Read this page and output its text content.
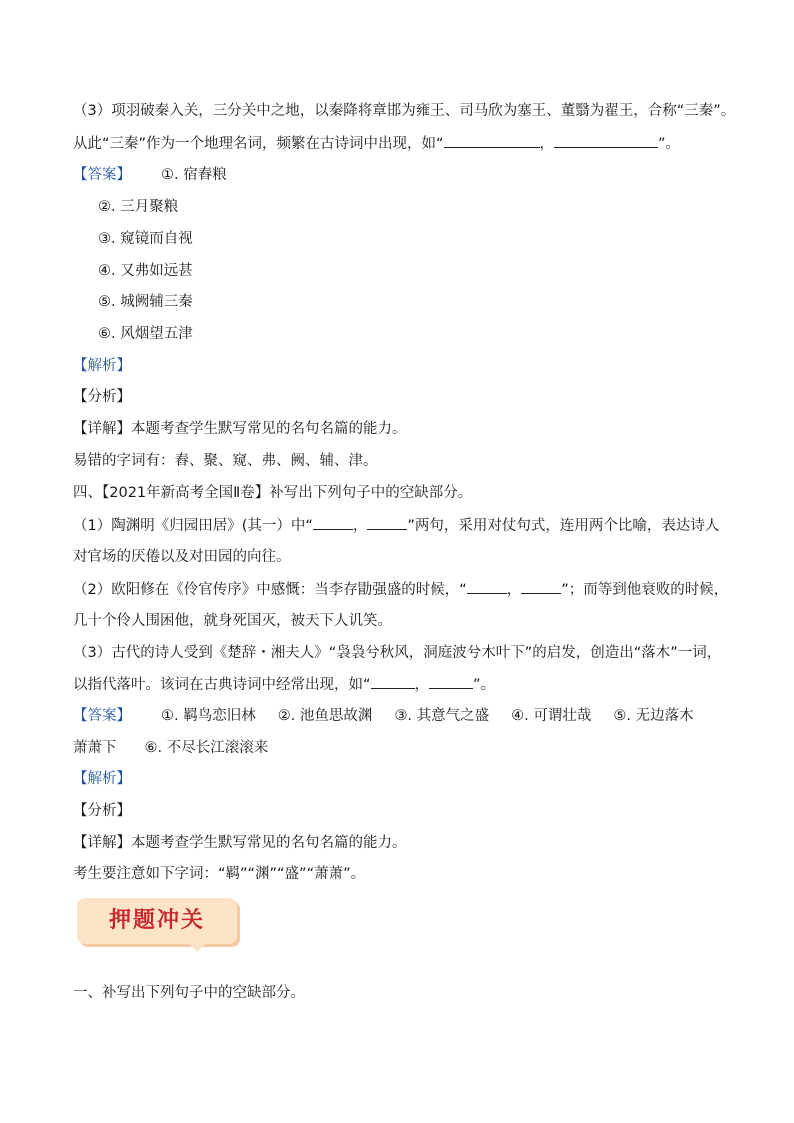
（3）项羽破秦入关，三分关中之地，以秦降将章邯为雍王、司马欣为塞王、董翳为翟王，合称“三秦”。
从此“三秦”作为一个地理名词，频繁在古诗词中出现，如“	，	”。
【答案】 ①. 宿舂粮
②. 三月聚粮
③. 窥镜而自视
④. 又弗如远甚
⑤. 城阙辅三秦
⑥. 风烟望五津
【解析】
【分析】
【详解】本题考查学生默写常见的名句名篇的能力。
易错的字词有：舂、聚、窥、弗、阙、辅、津。
四、【2021年新高考全国Ⅱ卷】补写出下列句子中的空缺部分。
（1）陶渊明《归园田居》(其一）中“	，	”两句，采用对仗句式，连用两个比喻，表达诗人
对官场的厌倦以及对田园的向往。
（2）欧阳修在《伶官传序》中感慨：当李存勖强盛的时候，“	，	”；而等到他衰败的时候，
几十个伶人围困他，就身死国灭，被天下人讥笑。
（3）古代的诗人受到《楚辞・湘夫人》“袅袅兮秋风，洞庭波兮木叶下”的启发，创造出“落木”一词，
以指代落叶。该词在古典诗词中经常出现，如“	，	”。
【答案】 ①. 羁鸟恋旧林 ②. 池鱼思故渊 ③. 其意气之盛 ④. 可谓壮哉 ⑤. 无边落木
萧萧下 ⑥. 不尽长江滚滚来
【解析】
【分析】
【详解】本题考查学生默写常见的名句名篇的能力。
考生要注意如下字词：“羁”“渊”“盛”“萧萧”。
押题冲关
一、补写出下列句子中的空缺部分。
